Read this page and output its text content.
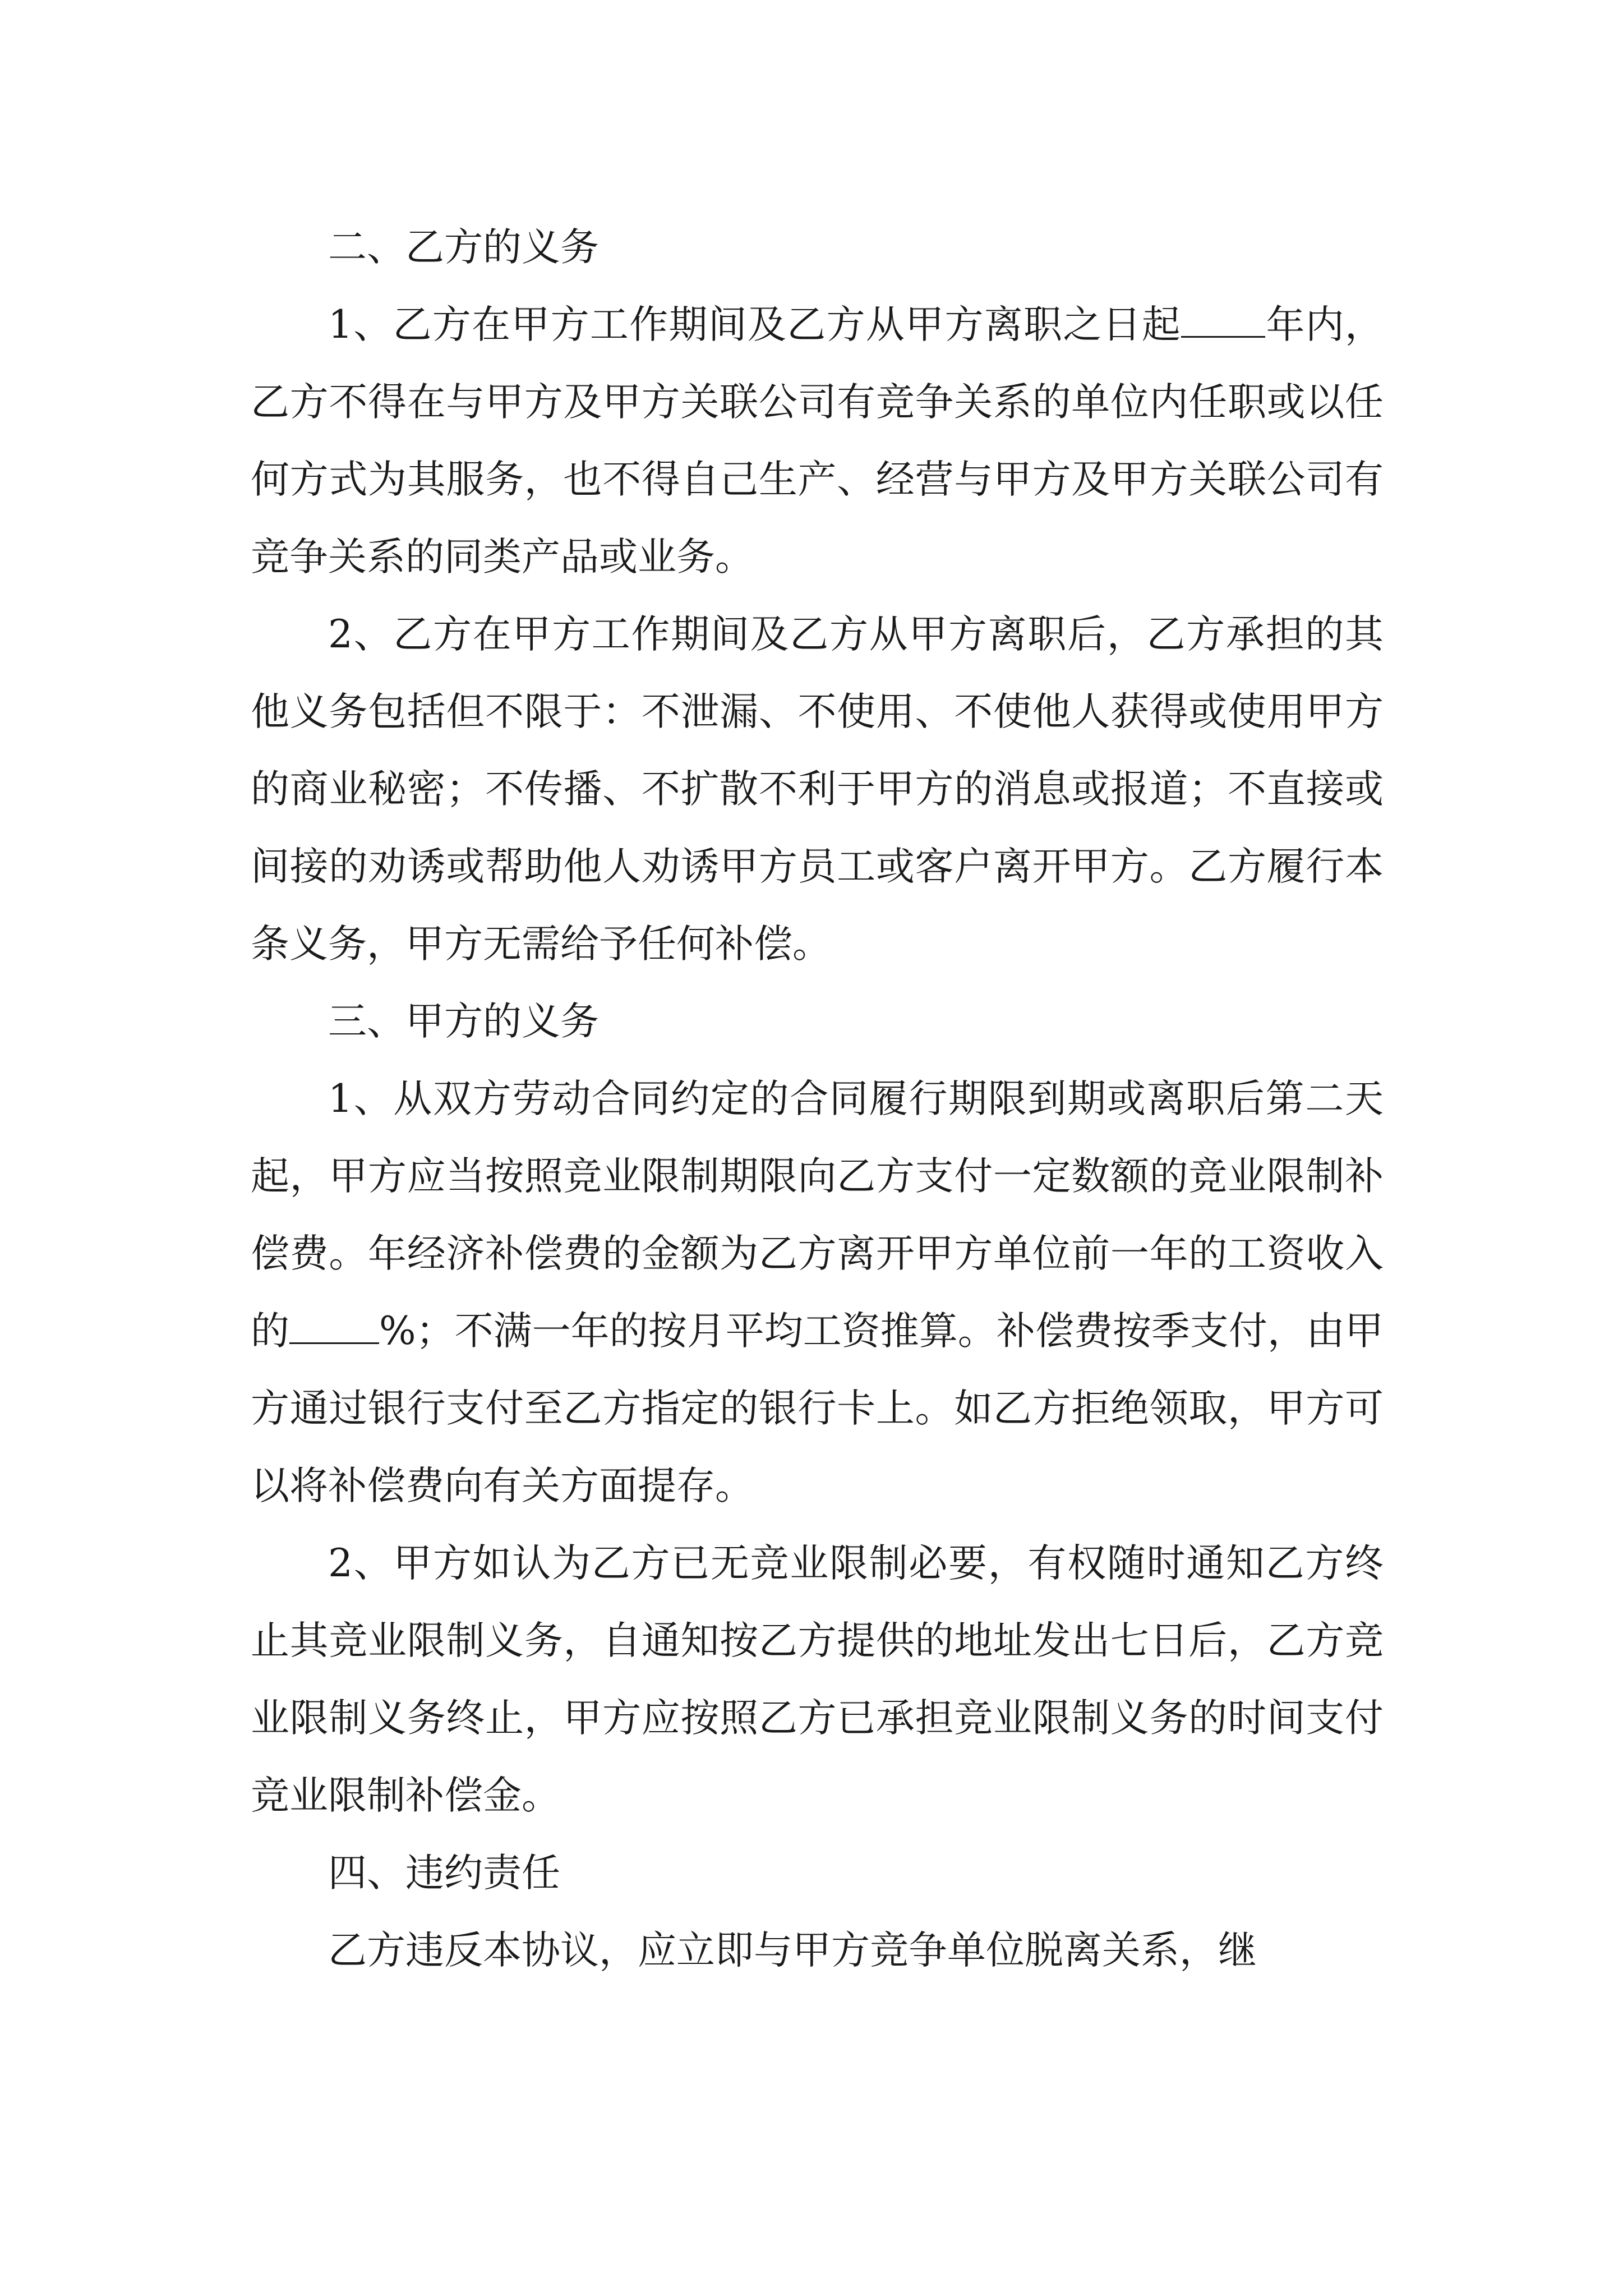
二、乙方的义务

1、乙方在甲方工作期间及乙方从甲方离职之日起 年内，乙方不得在与甲方及甲方关联公司有竞争关系的单位内任职或以任何方式为其服务，也不得自己生产、经营与甲方及甲方关联公司有竞争关系的同类产品或业务。

2、乙方在甲方工作期间及乙方从甲方离职后，乙方承担的其他义务包括但不限于：不泄漏、不使用、不使他人获得或使用甲方的商业秘密；不传播、不扩散不利于甲方的消息或报道；不直接或间接的劝诱或帮助他人劝诱甲方员工或客户离开甲方。乙方履行本条义务，甲方无需给予任何补偿。

三、甲方的义务

1、从双方劳动合同约定的合同履行期限到期或离职后第二天起，甲方应当按照竞业限制期限向乙方支付一定数额的竞业限制补偿费。年经济补偿费的金额为乙方离开甲方单位前一年的工资收入的 %；不满一年的按月平均工资推算。补偿费按季支付，由甲方通过银行支付至乙方指定的银行卡上。如乙方拒绝领取，甲方可以将补偿费向有关方面提存。

2、甲方如认为乙方已无竞业限制必要，有权随时通知乙方终止其竞业限制义务，自通知按乙方提供的地址发出七日后，乙方竞业限制义务终止，甲方应按照乙方已承担竞业限制义务的时间支付竞业限制补偿金。

四、违约责任

乙方违反本协议，应立即与甲方竞争单位脱离关系，继
